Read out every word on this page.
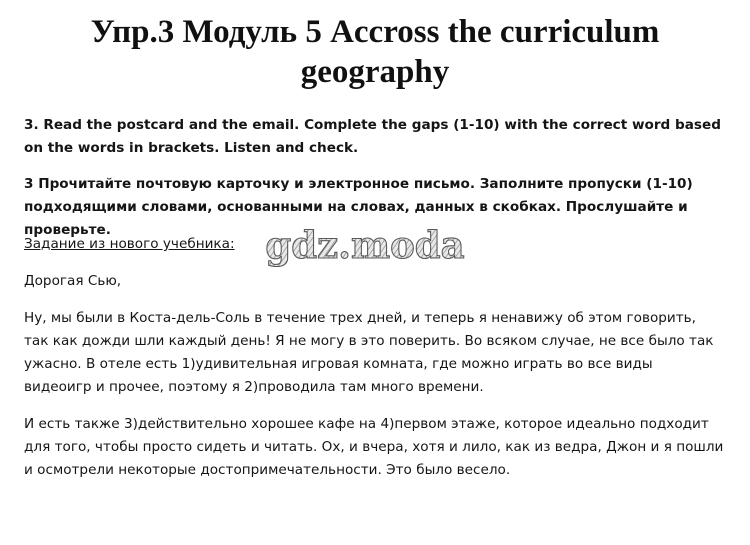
Упр.3 Модуль 5 Accross the curriculum geography

3. Read the postcard and the email. Complete the gaps (1-10) with the correct word based on the words in brackets. Listen and check.

3 Прочитайте почтовую карточку и электронное письмо. Заполните пропуски (1-10) подходящими словами, основанными на словах, данных в скобках. Прослушайте и проверьте.

Задание из нового учебника: gdz.moda

Дорогая Сью,

Ну, мы были в Коста-дель-Соль в течение трех дней, и теперь я ненавижу об этом говорить, так как дожди шли каждый день! Я не могу в это поверить. Во всяком случае, не все было так ужасно. В отеле есть 1)удивительная игровая комната, где можно играть во все виды видеоигр и прочее, поэтому я 2)проводила там много времени.

И есть также 3)действительно хорошее кафе на 4)первом этаже, которое идеально подходит для того, чтобы просто сидеть и читать. Ох, и вчера, хотя и лило, как из ведра, Джон и я пошли и осмотрели некоторые достопримечательности. Это было весело.
